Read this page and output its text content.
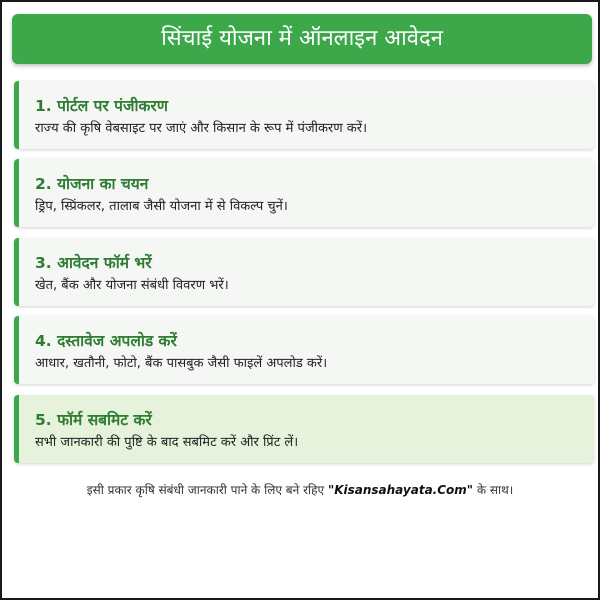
सिंचाई योजना में ऑनलाइन आवेदन
1. पोर्टल पर पंजीकरण
राज्य की कृषि वेबसाइट पर जाएं और किसान के रूप में पंजीकरण करें।
2. योजना का चयन
ड्रिप, स्प्रिंकलर, तालाब जैसी योजना में से विकल्प चुनें।
3. आवेदन फॉर्म भरें
खेत, बैंक और योजना संबंधी विवरण भरें।
4. दस्तावेज अपलोड करें
आधार, खतौनी, फोटो, बैंक पासबुक जैसी फाइलें अपलोड करें।
5. फॉर्म सबमिट करें
सभी जानकारी की पुष्टि के बाद सबमिट करें और प्रिंट लें।
इसी प्रकार कृषि संबंधी जानकारी पाने के लिए बने रहिए "Kisansahayata.Com" के साथ।
